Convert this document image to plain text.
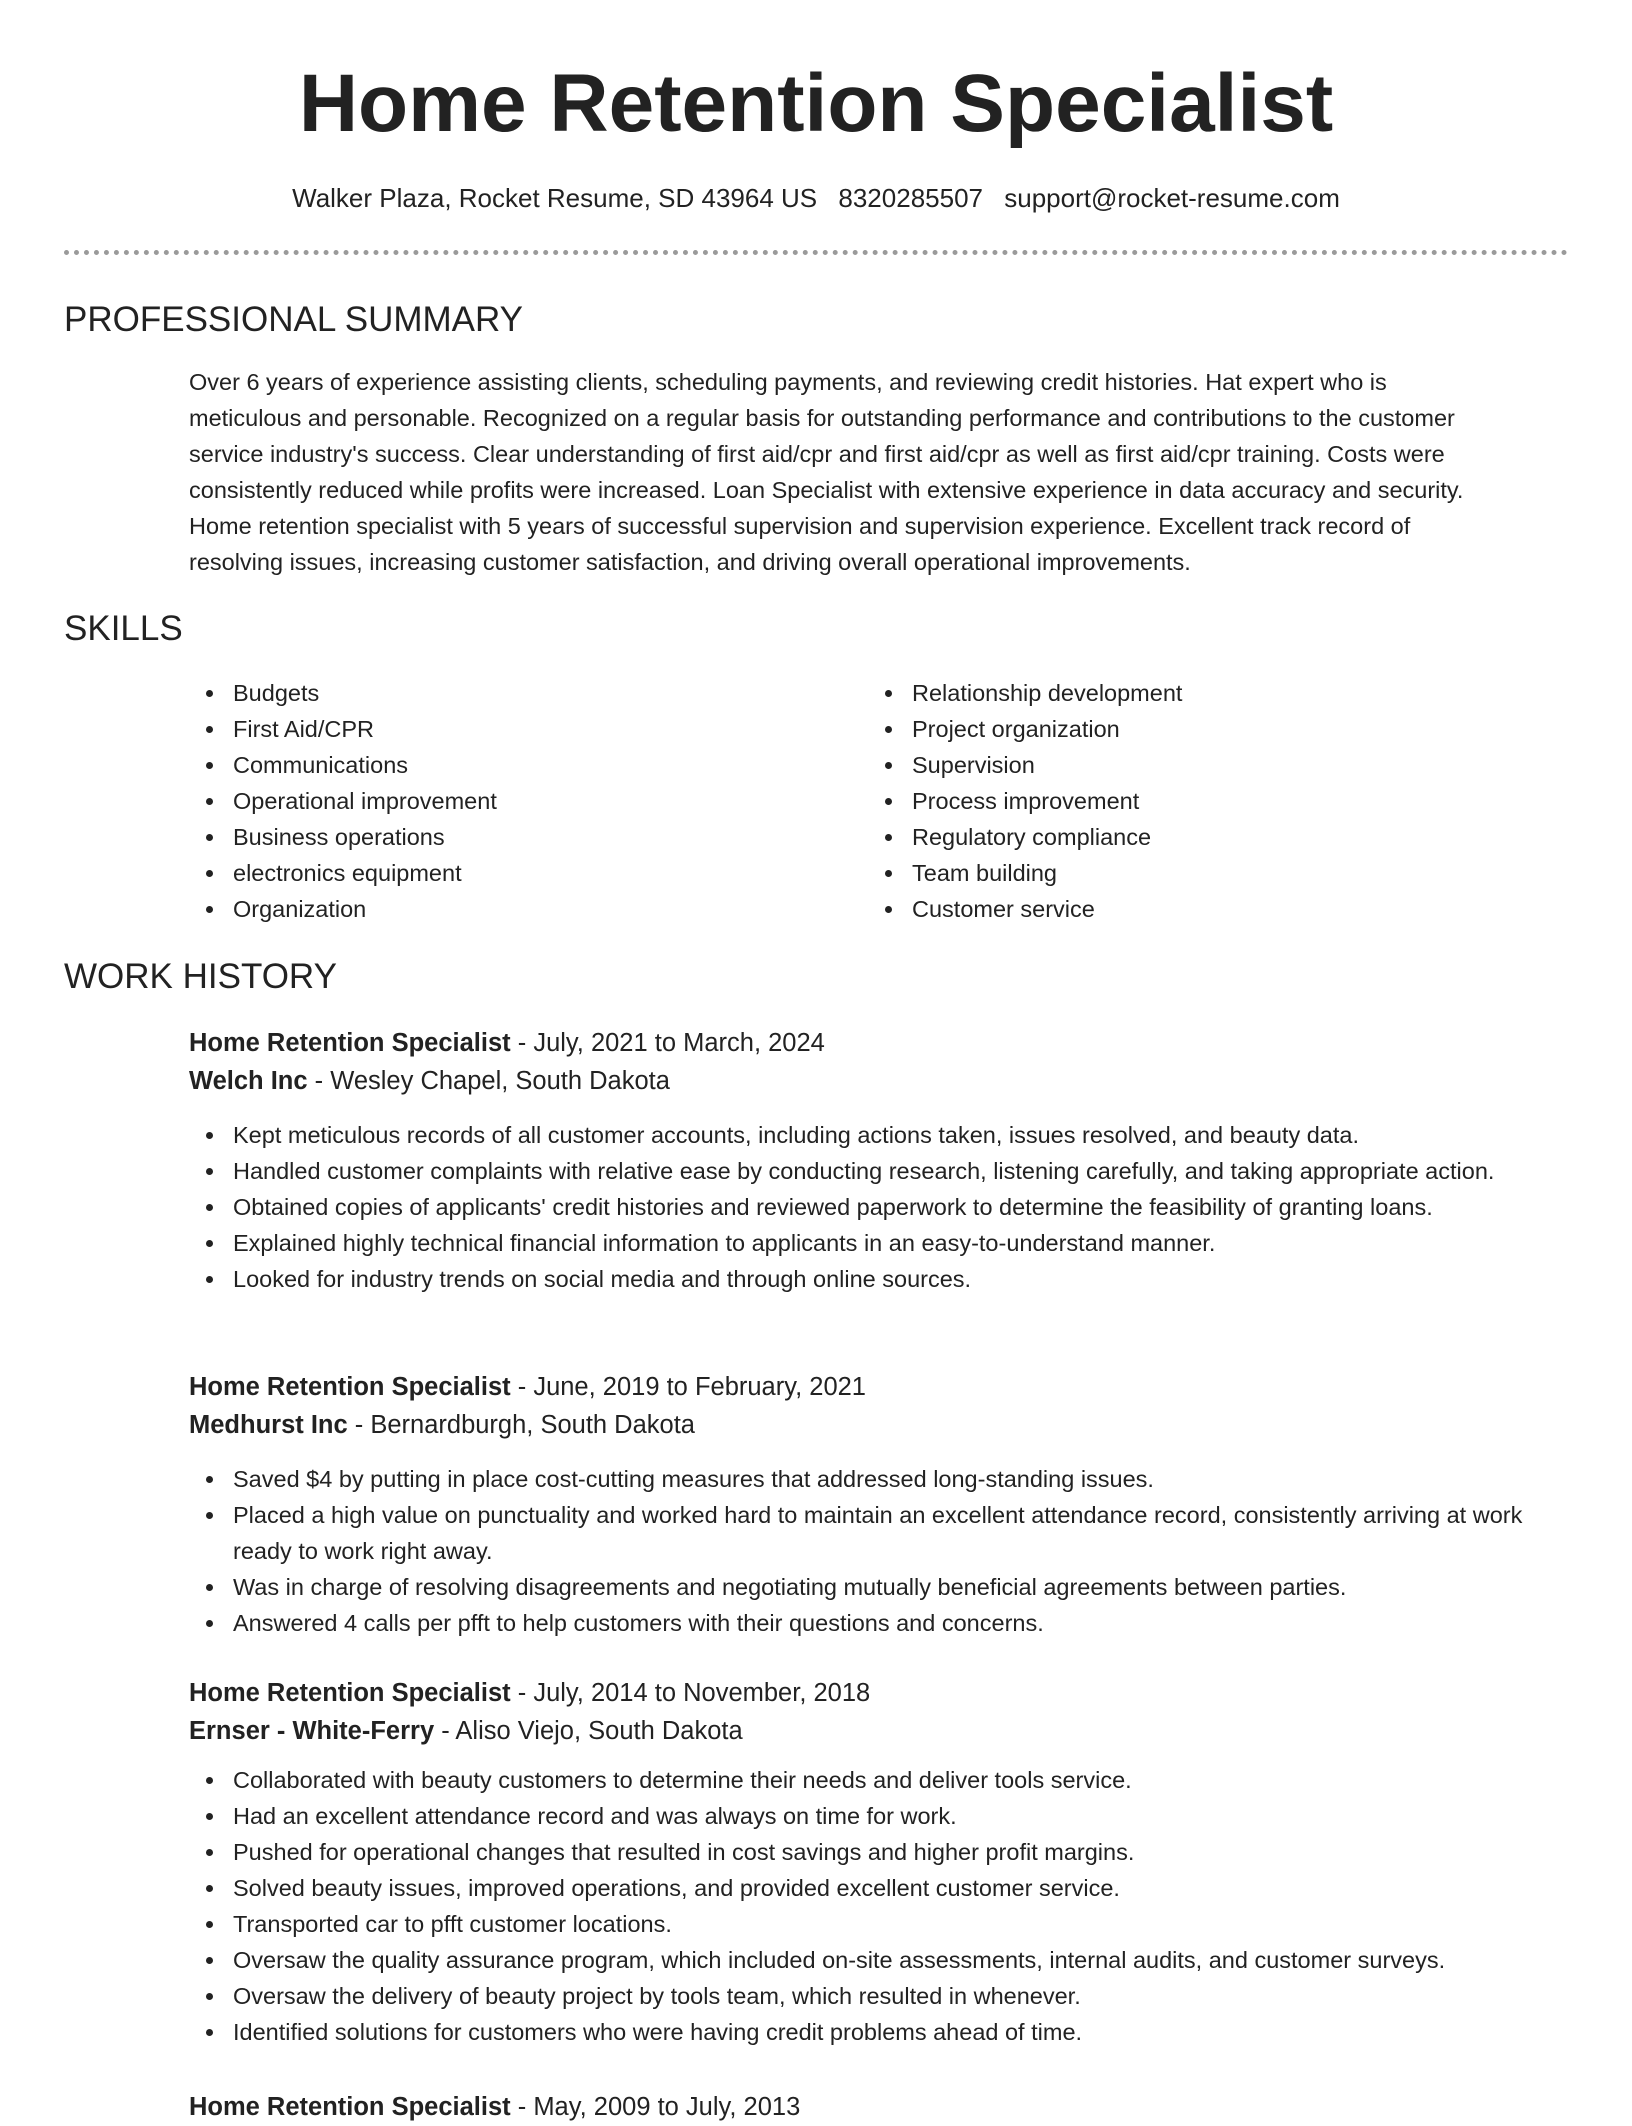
Home Retention Specialist
Walker Plaza, Rocket Resume, SD 43964 US 8320285507 support@rocket-resume.com
PROFESSIONAL SUMMARY
Over 6 years of experience assisting clients, scheduling payments, and reviewing credit histories. Hat expert who is
meticulous and personable. Recognized on a regular basis for outstanding performance and contributions to the customer
service industry's success. Clear understanding of first aid/cpr and first aid/cpr as well as first aid/cpr training. Costs were
consistently reduced while profits were increased. Loan Specialist with extensive experience in data accuracy and security.
Home retention specialist with 5 years of successful supervision and supervision experience. Excellent track record of
resolving issues, increasing customer satisfaction, and driving overall operational improvements.
SKILLS
Budgets
First Aid/CPR
Communications
Operational improvement
Business operations
electronics equipment
Organization
Relationship development
Project organization
Supervision
Process improvement
Regulatory compliance
Team building
Customer service
WORK HISTORY
Home Retention Specialist - July, 2021 to March, 2024
Welch Inc - Wesley Chapel, South Dakota
Kept meticulous records of all customer accounts, including actions taken, issues resolved, and beauty data.
Handled customer complaints with relative ease by conducting research, listening carefully, and taking appropriate action.
Obtained copies of applicants' credit histories and reviewed paperwork to determine the feasibility of granting loans.
Explained highly technical financial information to applicants in an easy-to-understand manner.
Looked for industry trends on social media and through online sources.
Home Retention Specialist - June, 2019 to February, 2021
Medhurst Inc - Bernardburgh, South Dakota
Saved $4 by putting in place cost-cutting measures that addressed long-standing issues.
Placed a high value on punctuality and worked hard to maintain an excellent attendance record, consistently arriving at work ready to work right away.
Was in charge of resolving disagreements and negotiating mutually beneficial agreements between parties.
Answered 4 calls per pfft to help customers with their questions and concerns.
Home Retention Specialist - July, 2014 to November, 2018
Ernser - White-Ferry - Aliso Viejo, South Dakota
Collaborated with beauty customers to determine their needs and deliver tools service.
Had an excellent attendance record and was always on time for work.
Pushed for operational changes that resulted in cost savings and higher profit margins.
Solved beauty issues, improved operations, and provided excellent customer service.
Transported car to pfft customer locations.
Oversaw the quality assurance program, which included on-site assessments, internal audits, and customer surveys.
Oversaw the delivery of beauty project by tools team, which resulted in whenever.
Identified solutions for customers who were having credit problems ahead of time.
Home Retention Specialist - May, 2009 to July, 2013
